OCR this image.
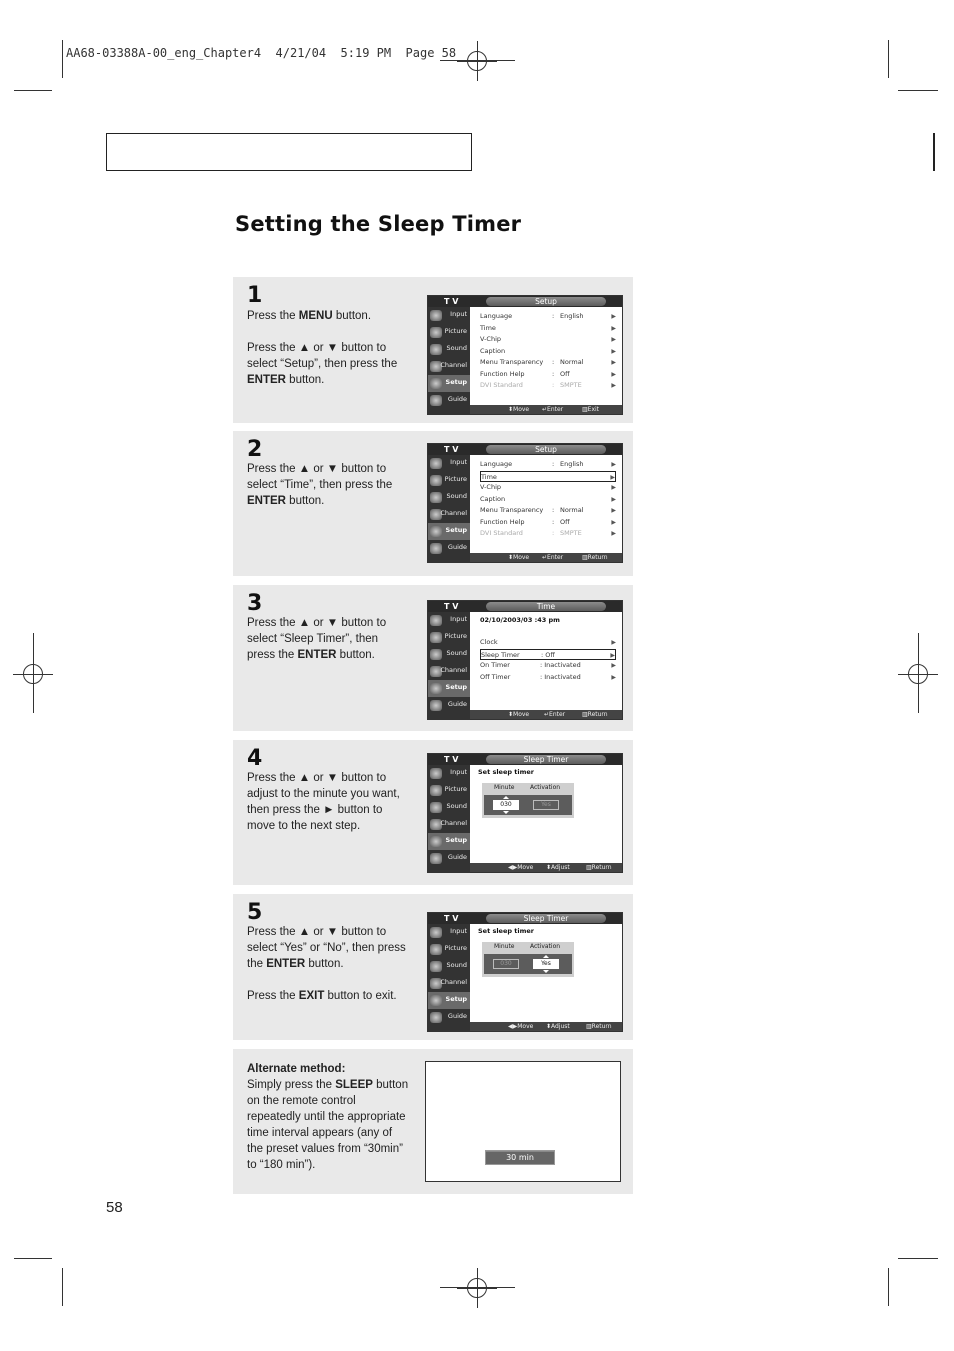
AA68-03388A-00_eng_Chapter4  4/21/04  5:19 PM  Page 58
Setting the Sleep Timer
1

Press the MENU button.

Press the ▲ or ▼ button to select “Setup”, then press the ENTER button.

T V	Setup
Input
Picture
Sound
Channel
Setup
Guide
Language	: English	▶
Time	▶
V-Chip	▶
Caption	▶
Menu Transparency : Normal	▶
Function Help	: Off	▶
DVI Standard	: SMPTE	▶
⬍ Move ↵ Enter	▥ Exit
2

Press the ▲ or ▼ button to select “Time”, then press the ENTER button.

T V	Setup
Input
Picture
Sound
Channel
Setup
Guide
Language	: English	▶
Time	▶
V-Chip	▶
Caption	▶
Menu Transparency : Normal	▶
Function Help	: Off	▶
DVI Standard	: SMPTE	▶
⬍ Move ↵ Enter	▥ Return
3

Press the ▲ or ▼ button to select “Sleep Timer”, then press the ENTER button.

T V	Time
Input
Picture
Sound
Channel
Setup
Guide
02/10/2003/03 :43 pm
Clock	▶
Sleep Timer	: Off	▶
On Timer	: Inactivated	▶
Off Timer	: Inactivated	▶
⬍ Move ↵ Enter	▥ Return
4

Press the ▲ or ▼ button to adjust to the minute you want, then press the ► button to move to the next step.

T V	Sleep Timer
Input
Picture
Sound
Channel
Setup
Guide
Set sleep timer
Minute	Activation
030	Yes
◀▶ Move ⬍ Adjust	▥ Return
5

Press the ▲ or ▼ button to select “Yes” or “No”, then press the ENTER button.

Press the EXIT button to exit.

T V	Sleep Timer
Input
Picture
Sound
Channel
Setup
Guide
Set sleep timer
Minute	Activation
030	Yes
◀▶ Move ⬍ Adjust	▥ Return
Alternate method:
Simply press the SLEEP button on the remote control repeatedly until the appropriate time interval appears (any of the preset values from “30min” to “180 min”).
30 min
58
